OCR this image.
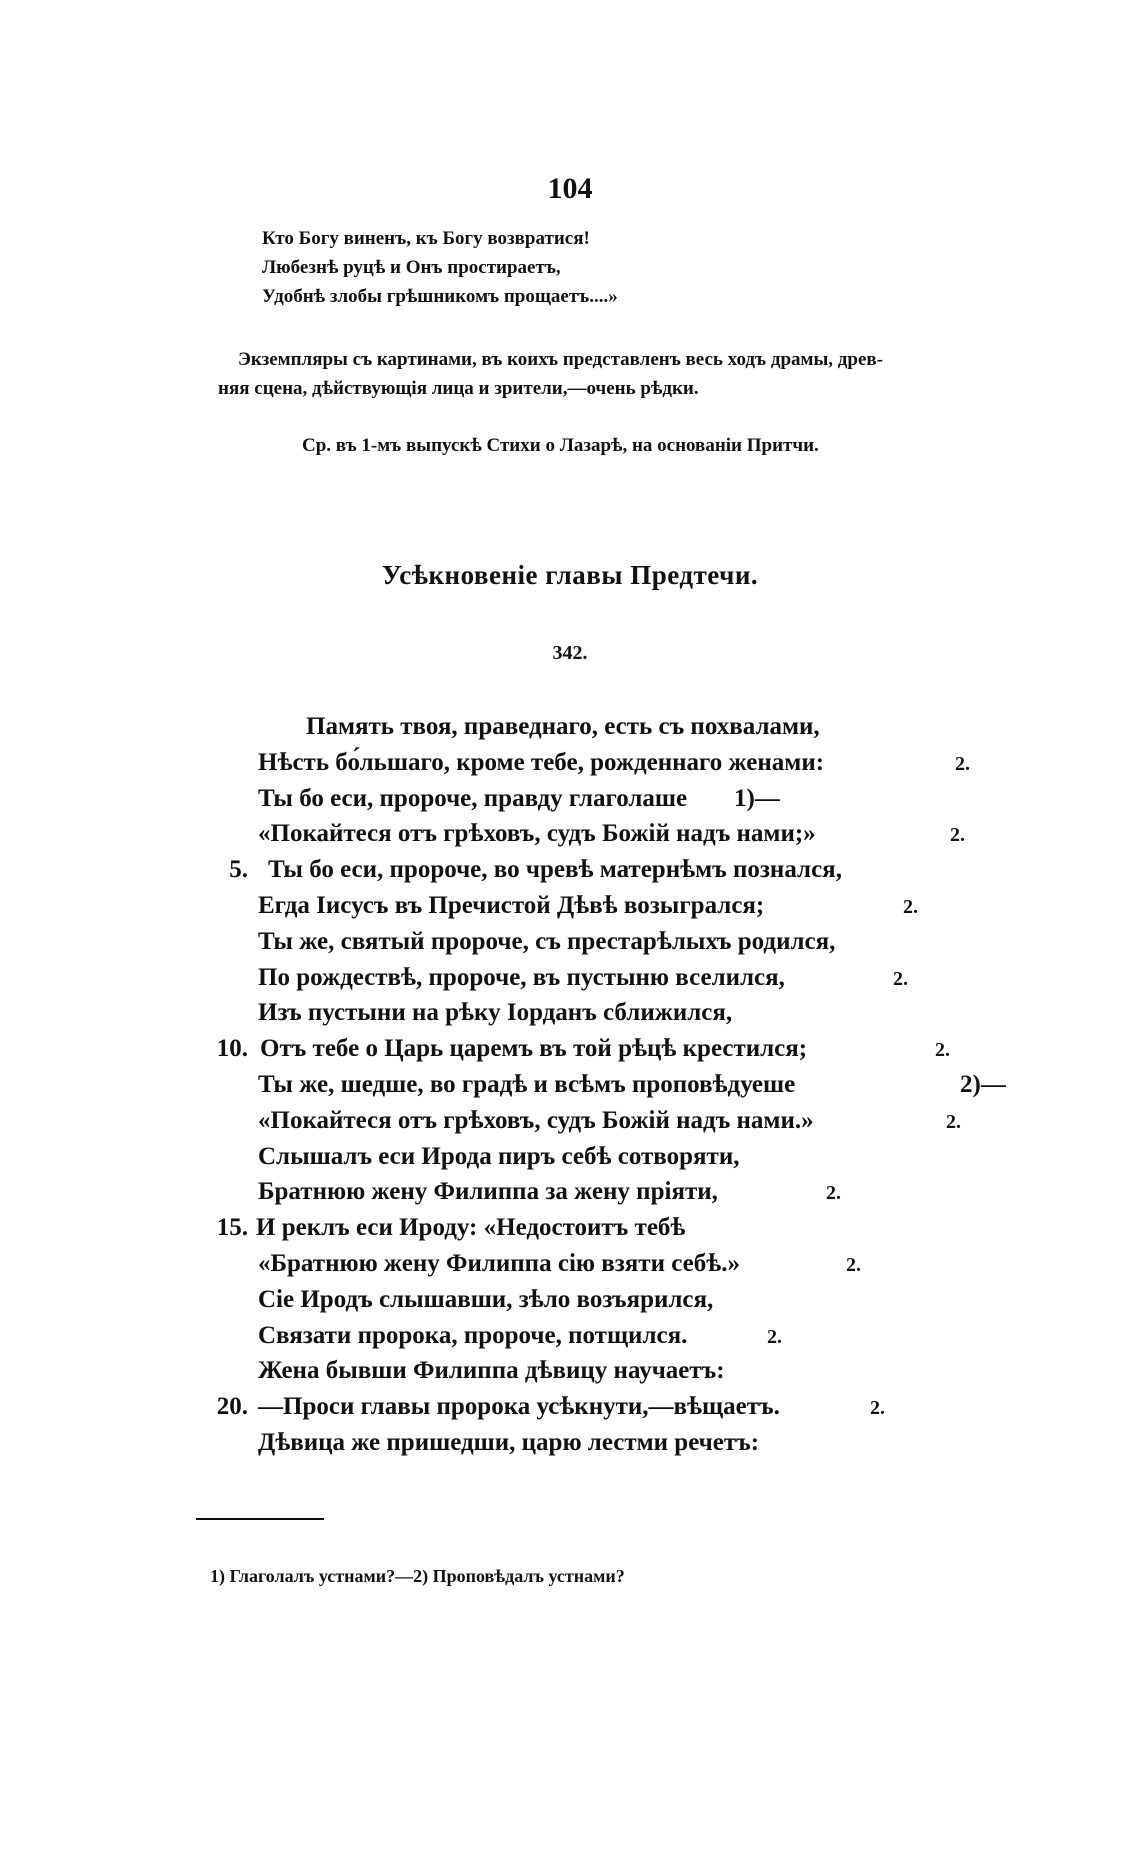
104
Кто Богу виненъ, къ Богу возвратися!
Любезнѣ руцѣ и Онъ простираетъ,
Удобнѣ злобы грѣшникомъ прощаетъ....»
Экземпляры съ картинами, въ коихъ представленъ весь ходъ драмы, древ-
няя сцена, дѣйствующія лица и зрители,—очень рѣдки.
Ср. въ 1-мъ выпускѣ Стихи о Лазарѣ, на основаніи Притчи.
Усѣкновеніе главы Предтечи.
342.
Память твоя, праведнаго, есть съ похвалами,
Нѣсть бо́льшаго, кроме тебе, рожденнаго женами:	2.
Ты бо еси, пророче, правду глаголаше 1)—
«Покайтеся отъ грѣховъ, судъ Божій надъ нами;»	2.
5. Ты бо еси, пророче, во чревѣ матернѣмъ познался,
Егда Іисусъ въ Пречистой Дѣвѣ возыгрался;	2.
Ты же, святый пророче, съ престарѣлыхъ родился,
По рождествѣ, пророче, въ пустыню вселился,	2.
Изъ пустыни на рѣку Іорданъ сближился,
10. Отъ тебе о Царь царемъ въ той рѣцѣ крестился;	2.
Ты же, шедше, во градѣ и всѣмъ проповѣдуеше	2)—
«Покайтеся отъ грѣховъ, судъ Божій надъ нами.»	2.
Слышалъ еси Ирода пиръ себѣ сотворяти,
Братнюю жену Филиппа за жену пріяти,	2.
15. И реклъ еси Ироду: «Недостоитъ тебѣ
«Братнюю жену Филиппа сію взяти себѣ.»	2.
Сіе Иродъ слышавши, зѣло возъярился,
Связати пророка, пророче, потщился.	2.
Жена бывши Филиппа дѣвицу научаетъ:
20. —Проси главы пророка усѣкнути,—вѣщаетъ.	2.
Дѣвица же пришедши, царю лестми речетъ:
1) Глаголалъ устнами?—2) Проповѣдалъ устнами?
